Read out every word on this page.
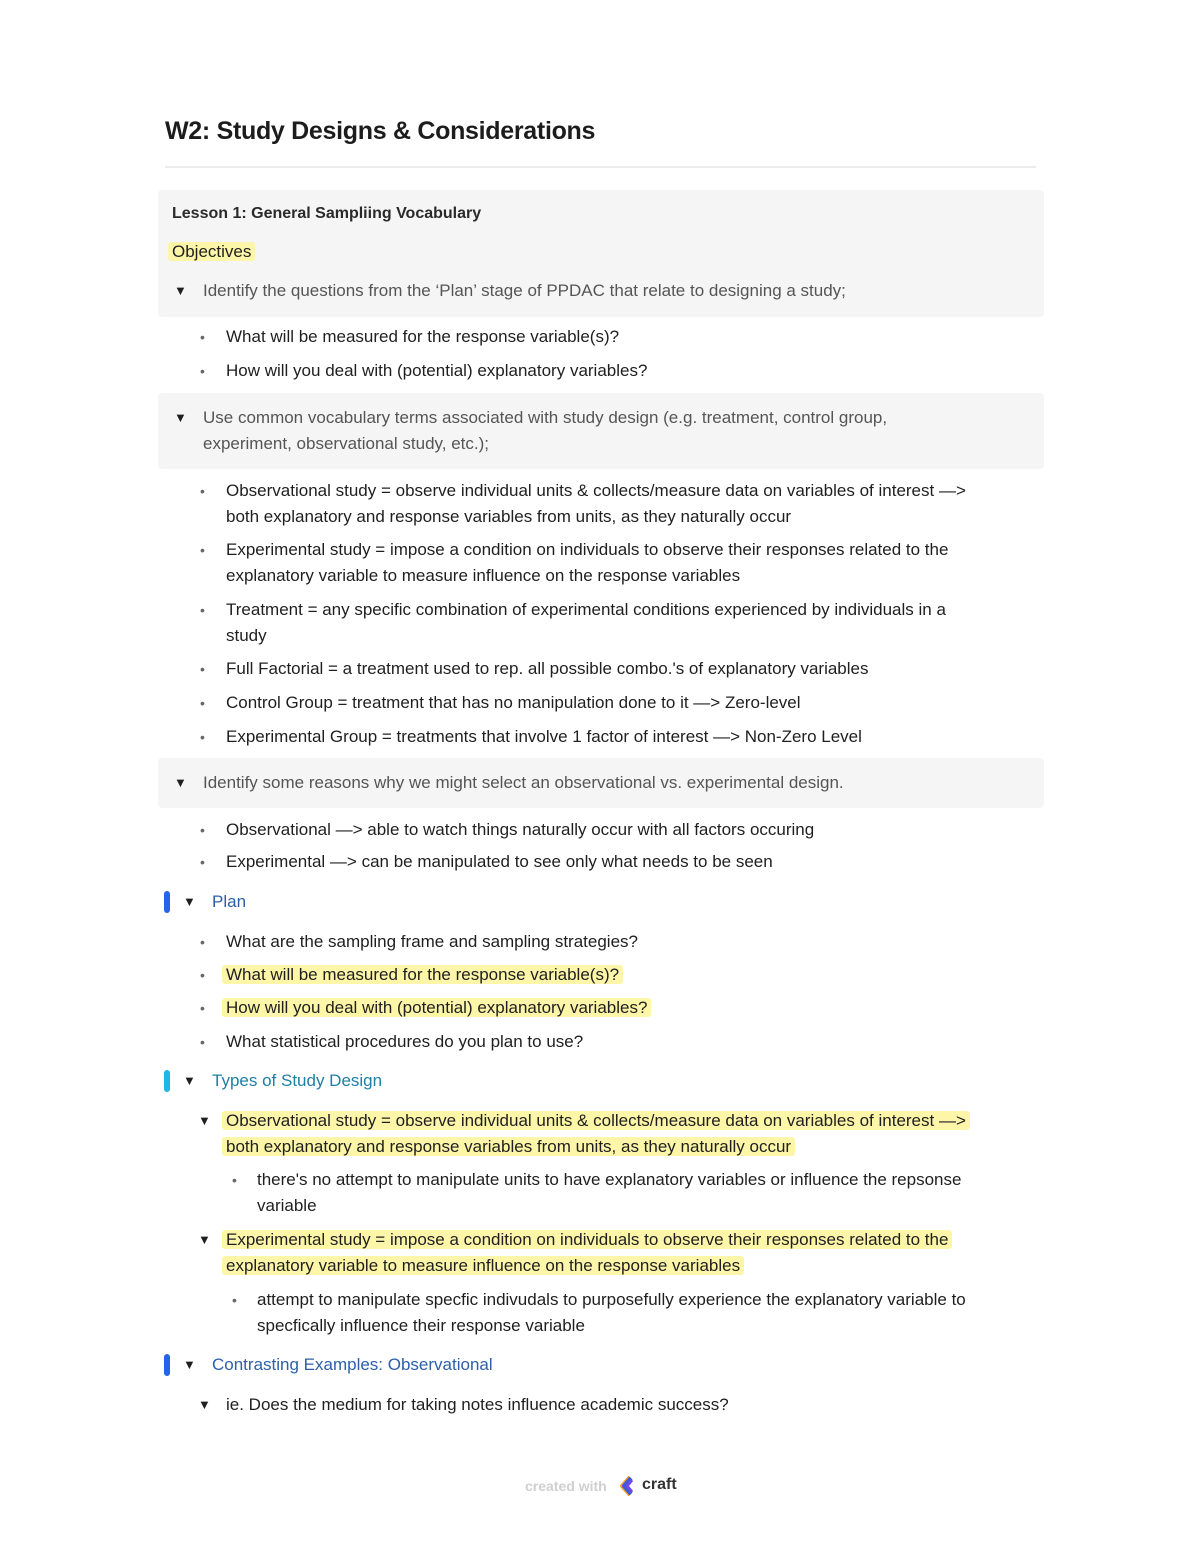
W2: Study Designs & Considerations
Lesson 1: General Sampliing Vocabulary
Objectives
▼ Identify the questions from the ‘Plan’ stage of PPDAC that relate to designing a study;
• What will be measured for the response variable(s)?
• How will you deal with (potential) explanatory variables?
▼ Use common vocabulary terms associated with study design (e.g. treatment, control group,
experiment, observational study, etc.);
• Observational study = observe individual units & collects/measure data on variables of interest —>
both explanatory and response variables from units, as they naturally occur
• Experimental study = impose a condition on individuals to observe their responses related to the
explanatory variable to measure influence on the response variables
• Treatment = any specific combination of experimental conditions experienced by individuals in a
study
• Full Factorial = a treatment used to rep. all possible combo.'s of explanatory variables
• Control Group = treatment that has no manipulation done to it —> Zero-level
• Experimental Group = treatments that involve 1 factor of interest —> Non-Zero Level
▼ Identify some reasons why we might select an observational vs. experimental design.
• Observational —> able to watch things naturally occur with all factors occuring
• Experimental —> can be manipulated to see only what needs to be seen
▼ Plan
• What are the sampling frame and sampling strategies?
• What will be measured for the response variable(s)?
• How will you deal with (potential) explanatory variables?
• What statistical procedures do you plan to use?
▼ Types of Study Design
▼ Observational study = observe individual units & collects/measure data on variables of interest —>
both explanatory and response variables from units, as they naturally occur
• there's no attempt to manipulate units to have explanatory variables or influence the repsonse
variable
▼ Experimental study = impose a condition on individuals to observe their responses related to the
explanatory variable to measure influence on the response variables
• attempt to manipulate specfic indivudals to purposefully experience the explanatory variable to
specfically influence their response variable
▼ Contrasting Examples: Observational
▼ ie. Does the medium for taking notes influence academic success?
created with craft
